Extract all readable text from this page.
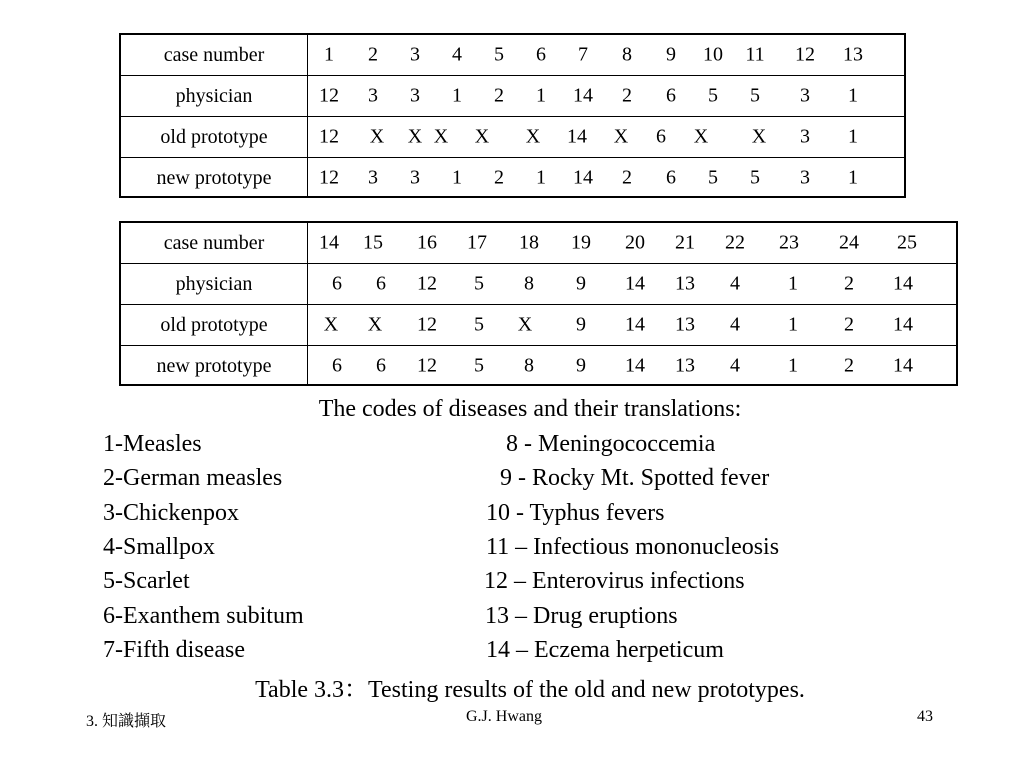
case number	1 2 3 4 5 6 7 8 9 10 11 12 13
physician	12 3 3 1 2 1 14 2 6 5 5 3 1
old prototype	12 X X X X X 14 X 6 X X 3 1
new prototype	12 3 3 1 2 1 14 2 6 5 5 3 1
case number	14 15 16 17 18 19 20 21 22 23 24 25
physician	6 6 12 5 8 9 14 13 4 1 2 14
old prototype	X X 12 5 X 9 14 13 4 1 2 14
new prototype	6 6 12 5 8 9 14 13 4 1 2 14
The codes of diseases and their translations:
1-Measles	8 - Meningococcemia
2-German measles	9 - Rocky Mt. Spotted fever
3-Chickenpox	10 - Typhus fevers
4-Smallpox	11 – Infectious mononucleosis
5-Scarlet	12 – Enterovirus infections
6-Exanthem subitum	13 – Drug eruptions
7-Fifth disease	14 – Eczema herpeticum
Table 3.3：Testing results of the old and new prototypes.
3. 知識擷取	G.J. Hwang	43
